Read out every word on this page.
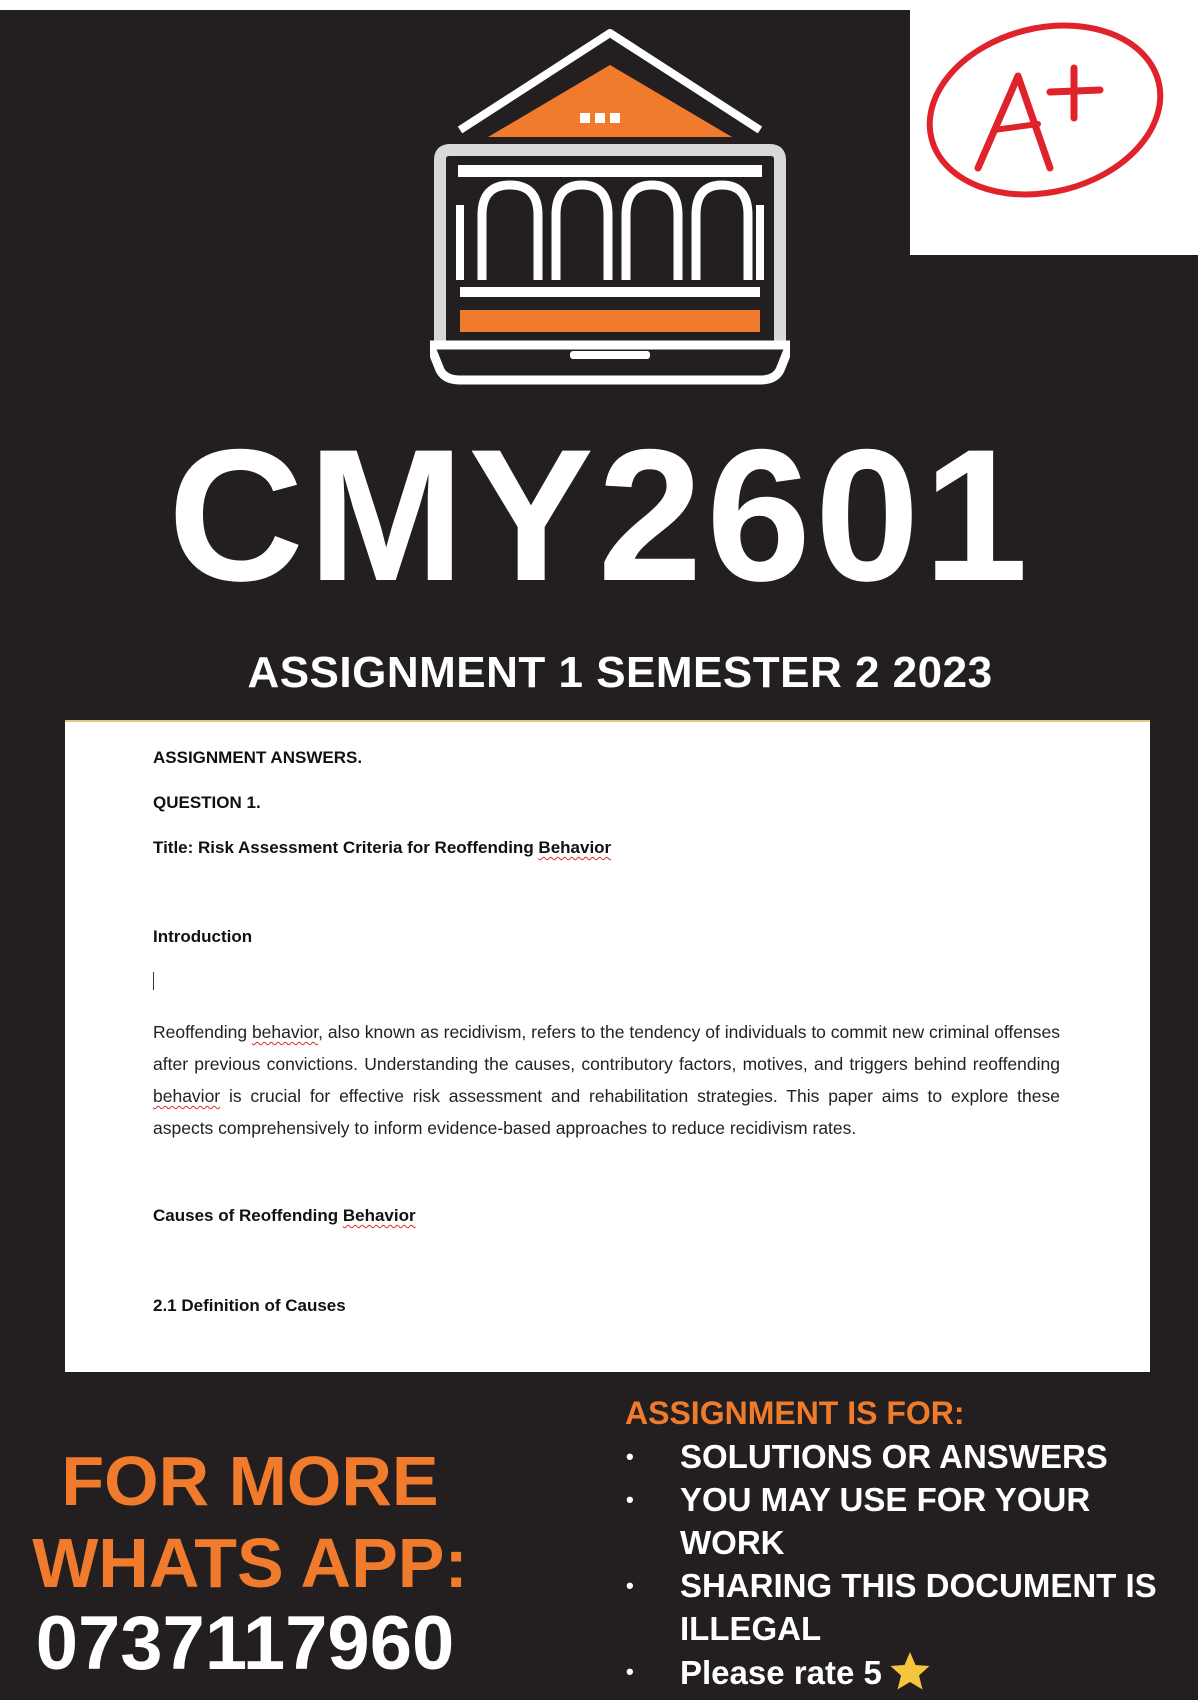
CMY2601
ASSIGNMENT 1 SEMESTER 2 2023

ASSIGNMENT ANSWERS.

QUESTION 1.

Title: Risk Assessment Criteria for Reoffending Behavior

Introduction

Reoffending behavior, also known as recidivism, refers to the tendency of individuals to commit new criminal offenses after previous convictions. Understanding the causes, contributory factors, motives, and triggers behind reoffending behavior is crucial for effective risk assessment and rehabilitation strategies. This paper aims to explore these aspects comprehensively to inform evidence-based approaches to reduce recidivism rates.

Causes of Reoffending Behavior

2.1 Definition of Causes

FOR MORE
WHATS APP:
0737117960
ASSIGNMENT IS FOR:
• SOLUTIONS OR ANSWERS
• YOU MAY USE FOR YOUR WORK
• SHARING THIS DOCUMENT IS ILLEGAL
• Please rate 5
